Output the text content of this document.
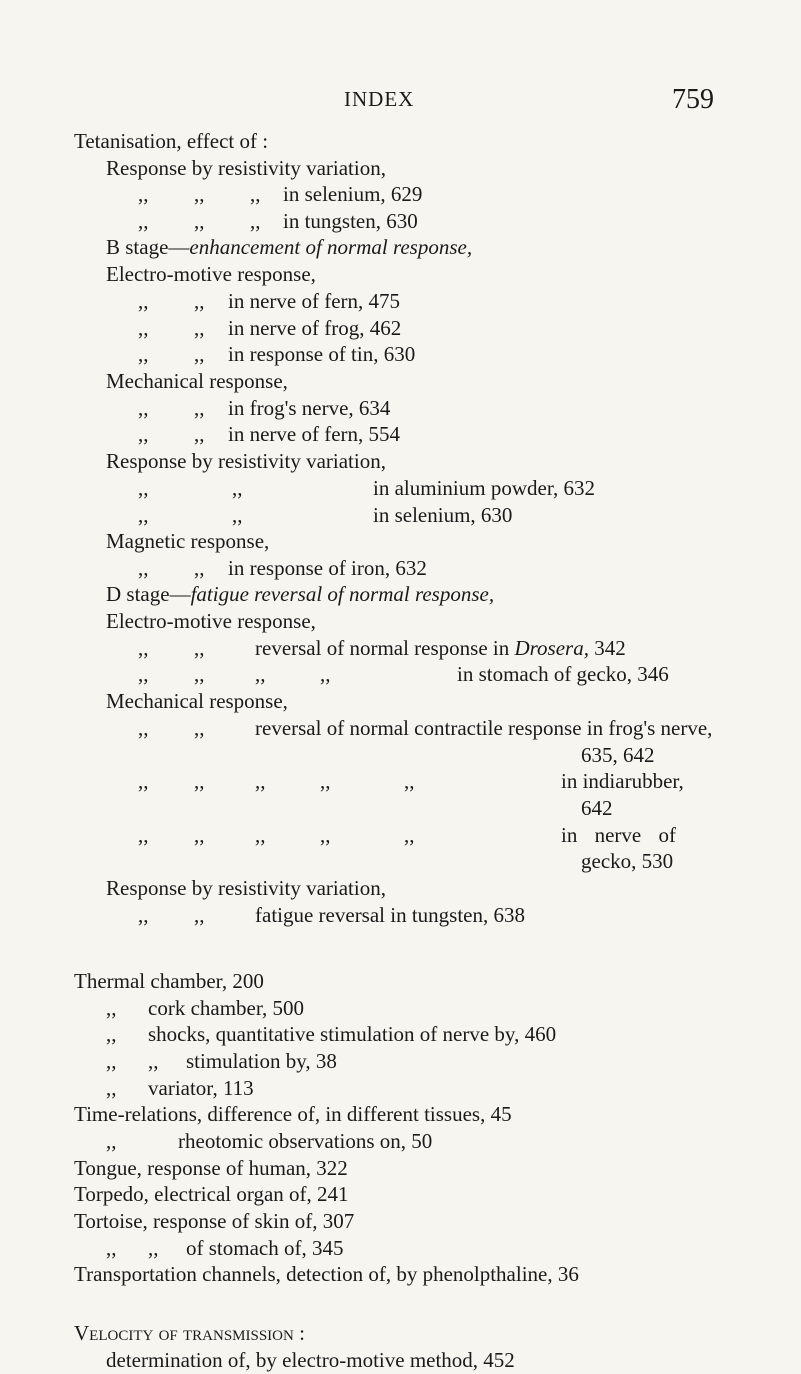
INDEX	759
Tetanisation, effect of :
Response by resistivity variation,
,, ,, ,, in selenium, 629
,, ,, ,, in tungsten, 630
B stage—enhancement of normal response,
Electro-motive response,
,, ,, in nerve of fern, 475
,, ,, in nerve of frog, 462
,, ,, in response of tin, 630
Mechanical response,
,, ,, in frog's nerve, 634
,, ,, in nerve of fern, 554
Response by resistivity variation,
,,	,,	in aluminium powder, 632
,,	,,	in selenium, 630
Magnetic response,
,, ,, in response of iron, 632
D stage—fatigue reversal of normal response,
Electro-motive response,
,, ,, reversal of normal response in Drosera, 342
,, ,, ,,	,,	in stomach of gecko, 346
Mechanical response,
,, ,, reversal of normal contractile response in frog's nerve,
635, 642
,, ,, ,,	,,	,,	in indiarubber,
642
,, ,, ,,	,,	,,	in nerve of
gecko, 530
Response by resistivity variation,
,, ,, fatigue reversal in tungsten, 638
Thermal chamber, 200
,, cork chamber, 500
,, shocks, quantitative stimulation of nerve by, 460
,, ,, stimulation by, 38
,, variator, 113
Time-relations, difference of, in different tissues, 45
,,	rheotomic observations on, 50
Tongue, response of human, 322
Torpedo, electrical organ of, 241
Tortoise, response of skin of, 307
,, ,, of stomach of, 345
Transportation channels, detection of, by phenolpthaline, 36
Velocity of transmission :
determination of, by electro-motive method, 452
